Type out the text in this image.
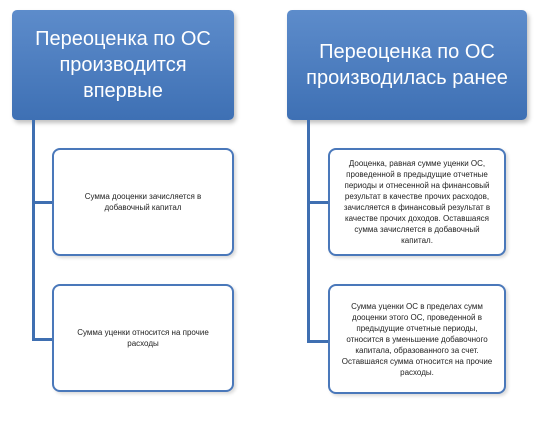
Переоценка по ОС производится впервые
Сумма дооценки зачисляется в добавочный капитал
Сумма уценки относится на прочие расходы
Переоценка по ОС производилась ранее
Дооценка, равная сумме уценки ОС, проведенной в предыдущие отчетные периоды и отнесенной на финансовый результат в качестве прочих расходов, зачисляется в финансовый результат в качестве прочих доходов. Оставшаяся сумма зачисляется в добавочный капитал.
Сумма уценки ОС в пределах сумм дооценки этого ОС, проведенной в предыдущие отчетные периоды, относится в уменьшение добавочного капитала, образованного за счет. Оставшаяся сумма относится на прочие расходы.
